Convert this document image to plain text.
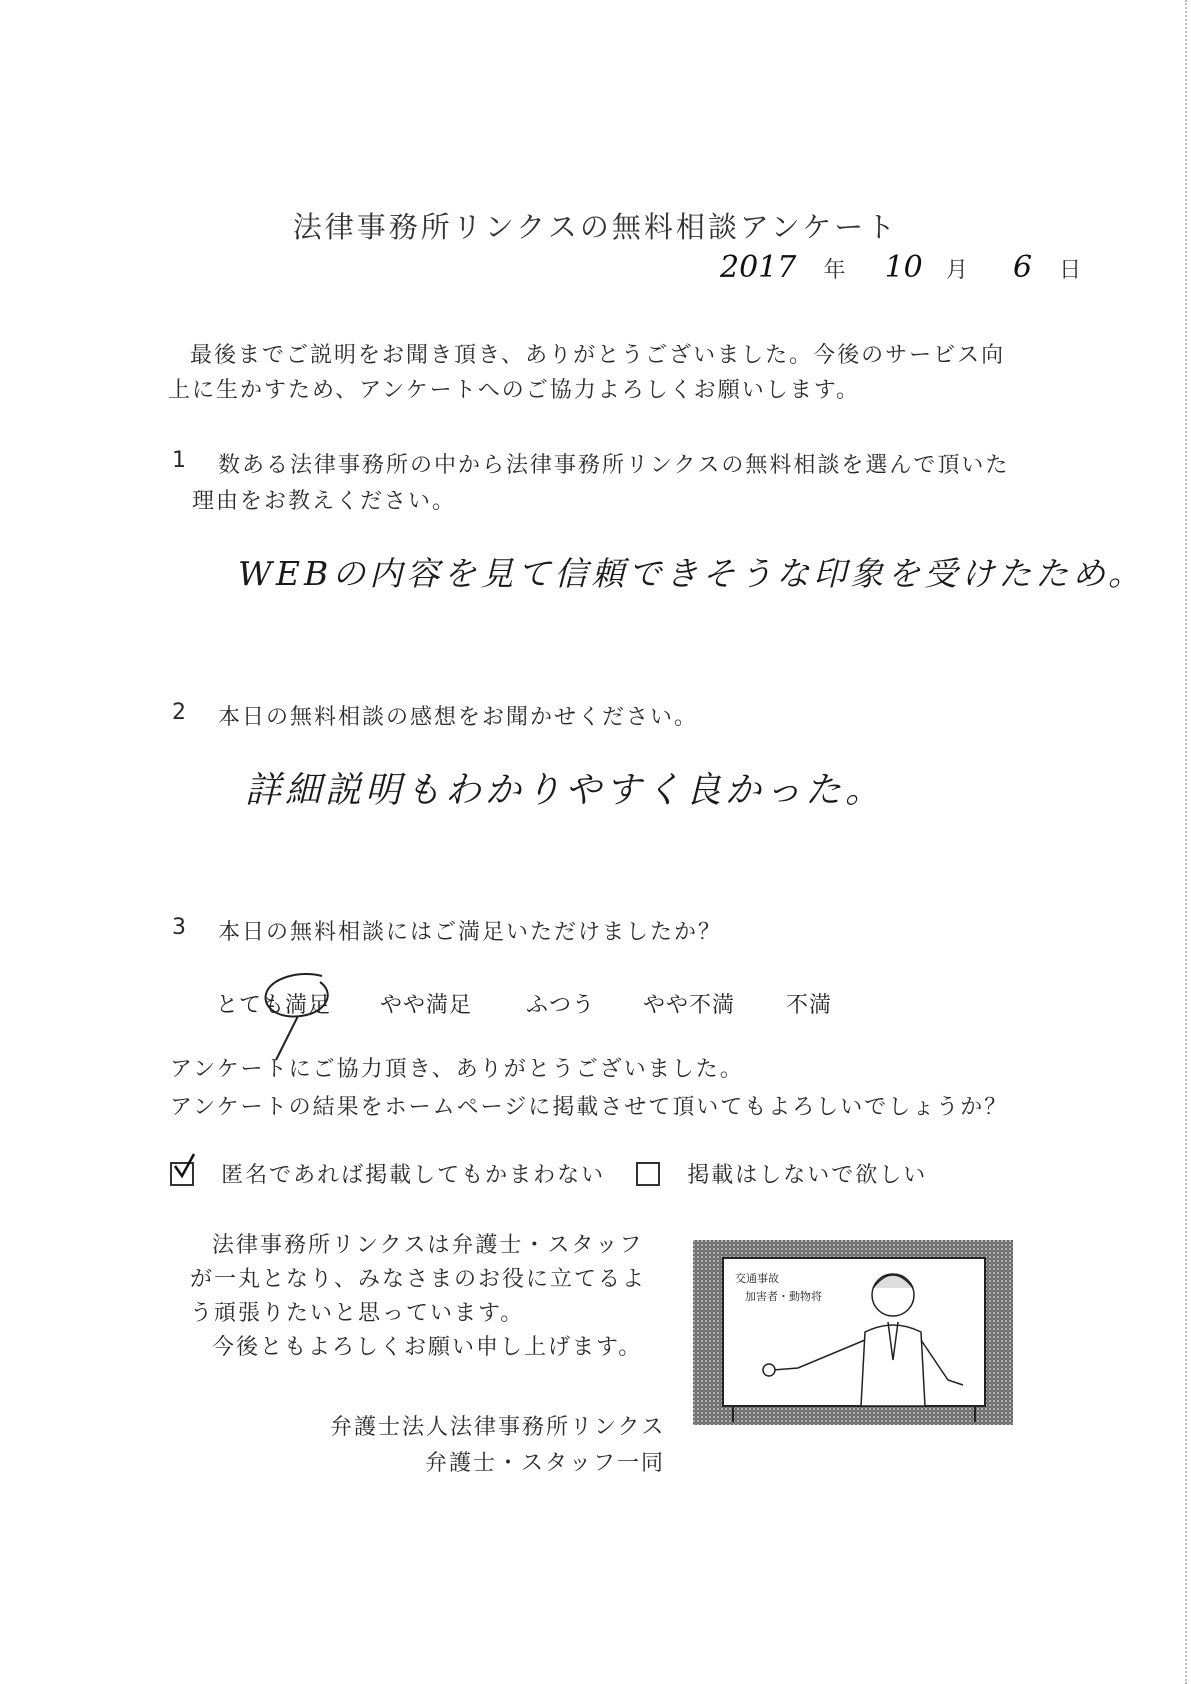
法律事務所リンクスの無料相談アンケート
2017 年 10 月 6 日
最後までご説明をお聞き頂き、ありがとうございました。今後のサービス向
上に生かすため、アンケートへのご協力よろしくお願いします。
1 数ある法律事務所の中から法律事務所リンクスの無料相談を選んで頂いた
理由をお教えください。
WEBの内容を見て信頼できそうな印象を受けたため。
2 本日の無料相談の感想をお聞かせください。
詳細説明もわかりやすく良かった。
3 本日の無料相談にはご満足いただけましたか？
とても満足 やや満足 ふつう やや不満 不満
アンケートにご協力頂き、ありがとうございました。
アンケートの結果をホームページに掲載させて頂いてもよろしいでしょうか？
匿名であれば掲載してもかまわない	掲載はしないで欲しい
法律事務所リンクスは弁護士・スタッフ
が一丸となり、みなさまのお役に立てるよ
う頑張りたいと思っています。
今後ともよろしくお願い申し上げます。
交通事故
加害者・動物将
弁護士法人法律事務所リンクス
弁護士・スタッフ一同
